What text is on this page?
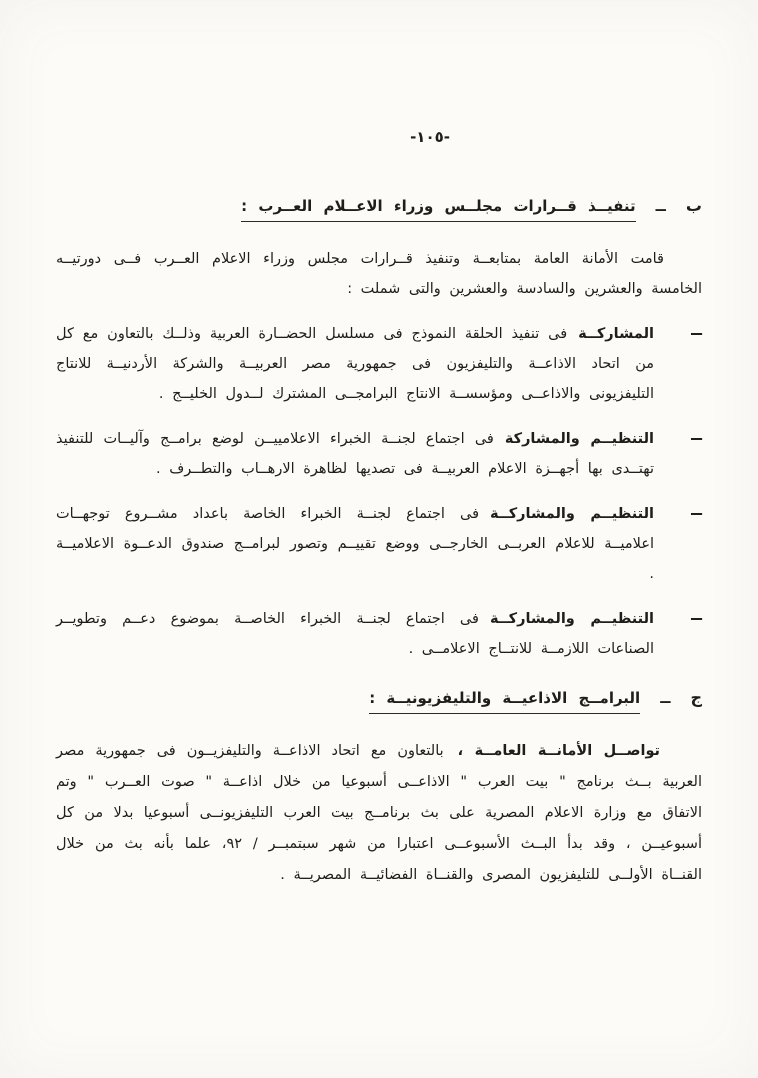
-١٠٥-
ب
ــ
تنفيــذ قــرارات مجلــس وزراء الاعــلام العــرب :

قامت الأمانة العامة بمتابعــة وتنفيذ قــرارات مجلس وزراء الاعلام العــرب فــى دورتيــه الخامسة والعشرين والسادسة والعشرين والتى شملت :

ــ

المشاركــةفى تنفيذ الحلقة النموذج فى مسلسل الحضــارة العربية وذلــك بالتعاون مع كل من اتحاد الاذاعــة والتليفزيون فى جمهورية مصر العربيــة والشركة الأردنيــة للانتاج التليفزيونى والاذاعــى ومؤسســة الانتاج البرامجــى المشترك لــدول الخليــج .

ــ

التنظيــم والمشاركةفى اجتماع لجنــة الخبراء الاعلامييــن لوضع برامــج وآليــات للتنفيذ تهتــدى بها أجهــزة الاعلام العربيــة فى تصديها لظاهرة الارهــاب والتطــرف .

ــ

التنظيــم والمشاركــةفى اجتماع لجنــة الخبراء الخاصة باعداد مشــروع توجهــات اعلاميــة للاعلام العربــى الخارجــى ووضع تقييــم وتصور لبرامــج صندوق الدعــوة الاعلاميــة .

ــ

التنظيــم والمشاركــةفى اجتماع لجنــة الخبراء الخاصــة بموضوع دعــم وتطويــر الصناعات اللازمــة للانتــاج الاعلامــى .

ج
ــ
البرامــج الاذاعيــة والتليفزيونيــة :

تواصــل الأمانــة العامــة ،بالتعاون مع اتحاد الاذاعــة والتليفزيــون فى جمهورية مصر العربية بــث برنامج " بيت العرب " الاذاعــى أسبوعيا من خلال اذاعــة " صوت العــرب " وتم الاتفاق مع وزارة الاعلام المصرية على بث برنامــج بيت العرب التليفزيونــى أسبوعيا بدلا من كل أسبوعيــن ، وقد بدأ البــث الأسبوعــى اعتبارا من شهر سبتمبــر / ٩٢، علما بأنه بث من خلال القنــاة الأولــى للتليفزيون المصرى والقنــاة الفضائيــة المصريــة .
